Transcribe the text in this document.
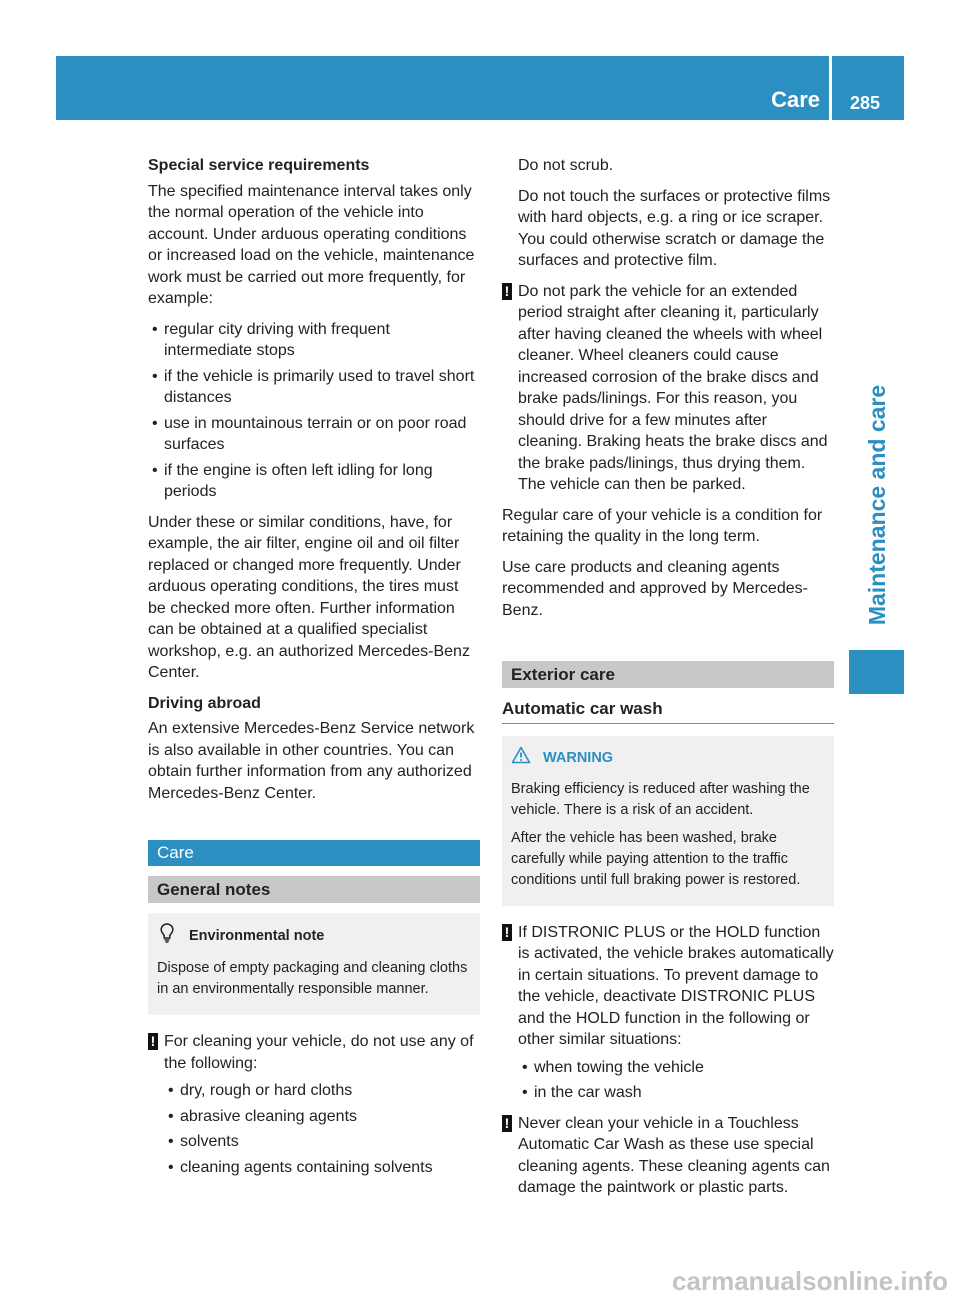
Care 285
Maintenance and care
Special service requirements

The specified maintenance interval takes only the normal operation of the vehicle into account. Under arduous operating conditions or increased load on the vehicle, maintenance work must be carried out more frequently, for example:

• regular city driving with frequent intermediate stops
• if the vehicle is primarily used to travel short distances
• use in mountainous terrain or on poor road surfaces
• if the engine is often left idling for long periods

Under these or similar conditions, have, for example, the air filter, engine oil and oil filter replaced or changed more frequently. Under arduous operating conditions, the tires must be checked more often. Further information can be obtained at a qualified specialist workshop, e.g. an authorized Mercedes-Benz Center.

Driving abroad

An extensive Mercedes-Benz Service network is also available in other countries. You can obtain further information from any authorized Mercedes-Benz Center.

Care
General notes
Environmental note

Dispose of empty packaging and cleaning cloths in an environmentally responsible manner.

! For cleaning your vehicle, do not use any of the following:
• dry, rough or hard cloths
• abrasive cleaning agents
• solvents
• cleaning agents containing solvents

Do not scrub.

Do not touch the surfaces or protective films with hard objects, e.g. a ring or ice scraper. You could otherwise scratch or damage the surfaces and protective film.

! Do not park the vehicle for an extended period straight after cleaning it, particularly after having cleaned the wheels with wheel cleaner. Wheel cleaners could cause increased corrosion of the brake discs and brake pads/linings. For this reason, you should drive for a few minutes after cleaning. Braking heats the brake discs and the brake pads/linings, thus drying them. The vehicle can then be parked.

Regular care of your vehicle is a condition for retaining the quality in the long term.

Use care products and cleaning agents recommended and approved by Mercedes-Benz.

Exterior care
Automatic car wash
WARNING

Braking efficiency is reduced after washing the vehicle. There is a risk of an accident.

After the vehicle has been washed, brake carefully while paying attention to the traffic conditions until full braking power is restored.

! If DISTRONIC PLUS or the HOLD function is activated, the vehicle brakes automatically in certain situations. To prevent damage to the vehicle, deactivate DISTRONIC PLUS and the HOLD function in the following or other similar situations:
• when towing the vehicle
• in the car wash
! Never clean your vehicle in a Touchless Automatic Car Wash as these use special cleaning agents. These cleaning agents can damage the paintwork or plastic parts.
carmanualsonline.info
